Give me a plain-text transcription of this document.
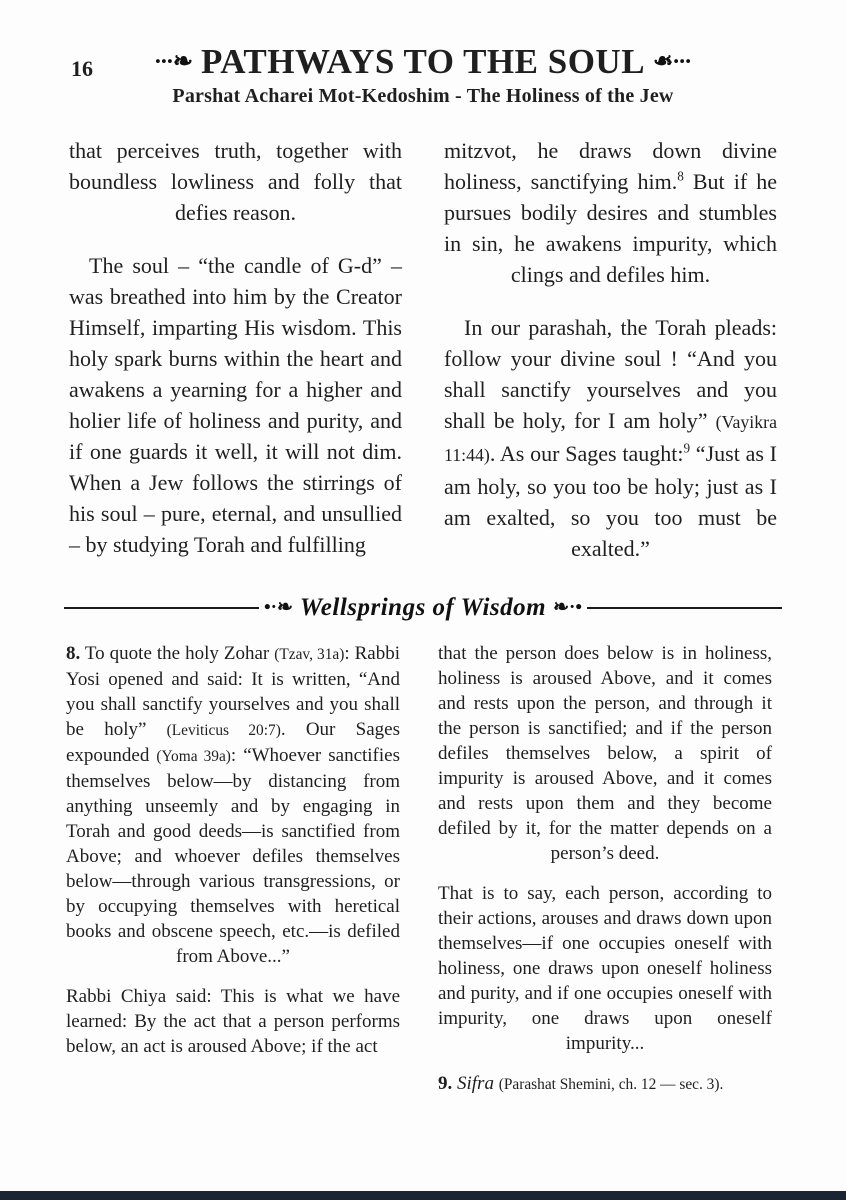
16	∙∙∙❧ PATHWAYS TO THE SOUL ❧∙∙∙
Parshat Acharei Mot-Kedoshim - The Holiness of the Jew

that perceives truth, together with boundless lowliness and folly that defies reason.

The soul – “the candle of G-d” – was breathed into him by the Creator Himself, imparting His wisdom. This holy spark burns within the heart and awakens a yearning for a higher and holier life of holiness and purity, and if one guards it well, it will not dim. When a Jew follows the stirrings of his soul – pure, eternal, and unsullied – by studying Torah and fulfilling

mitzvot, he draws down divine holiness, sanctifying him.$^8$ But if he pursues bodily desires and stumbles in sin, he awakens impurity, which clings and defiles him.

In our parashah, the Torah pleads: follow your divine soul ! “And you shall sanctify yourselves and you shall be holy, for I am holy” (Vayikra 11:44). As our Sages taught:$^9$ “Just as I am holy, so you too be holy; just as I am exalted, so you too must be exalted.”

•·❧ Wellsprings of Wisdom ❧·•

8. To quote the holy Zohar (Tzav, 31a): Rabbi Yosi opened and said: It is written, “And you shall sanctify yourselves and you shall be holy” (Leviticus 20:7). Our Sages expounded (Yoma 39a): “Whoever sanctifies themselves below—by distancing from anything unseemly and by engaging in Torah and good deeds—is sanctified from Above; and whoever defiles themselves below—through various transgressions, or by occupying themselves with heretical books and obscene speech, etc.—is defiled from Above...”

Rabbi Chiya said: This is what we have learned: By the act that a person performs below, an act is aroused Above; if the act

that the person does below is in holiness, holiness is aroused Above, and it comes and rests upon the person, and through it the person is sanctified; and if the person defiles themselves below, a spirit of impurity is aroused Above, and it comes and rests upon them and they become defiled by it, for the matter depends on a person’s deed.

That is to say, each person, according to their actions, arouses and draws down upon themselves—if one occupies oneself with holiness, one draws upon oneself holiness and purity, and if one occupies oneself with impurity, one draws upon oneself impurity...

9. Sifra (Parashat Shemini, ch. 12 — sec. 3).
